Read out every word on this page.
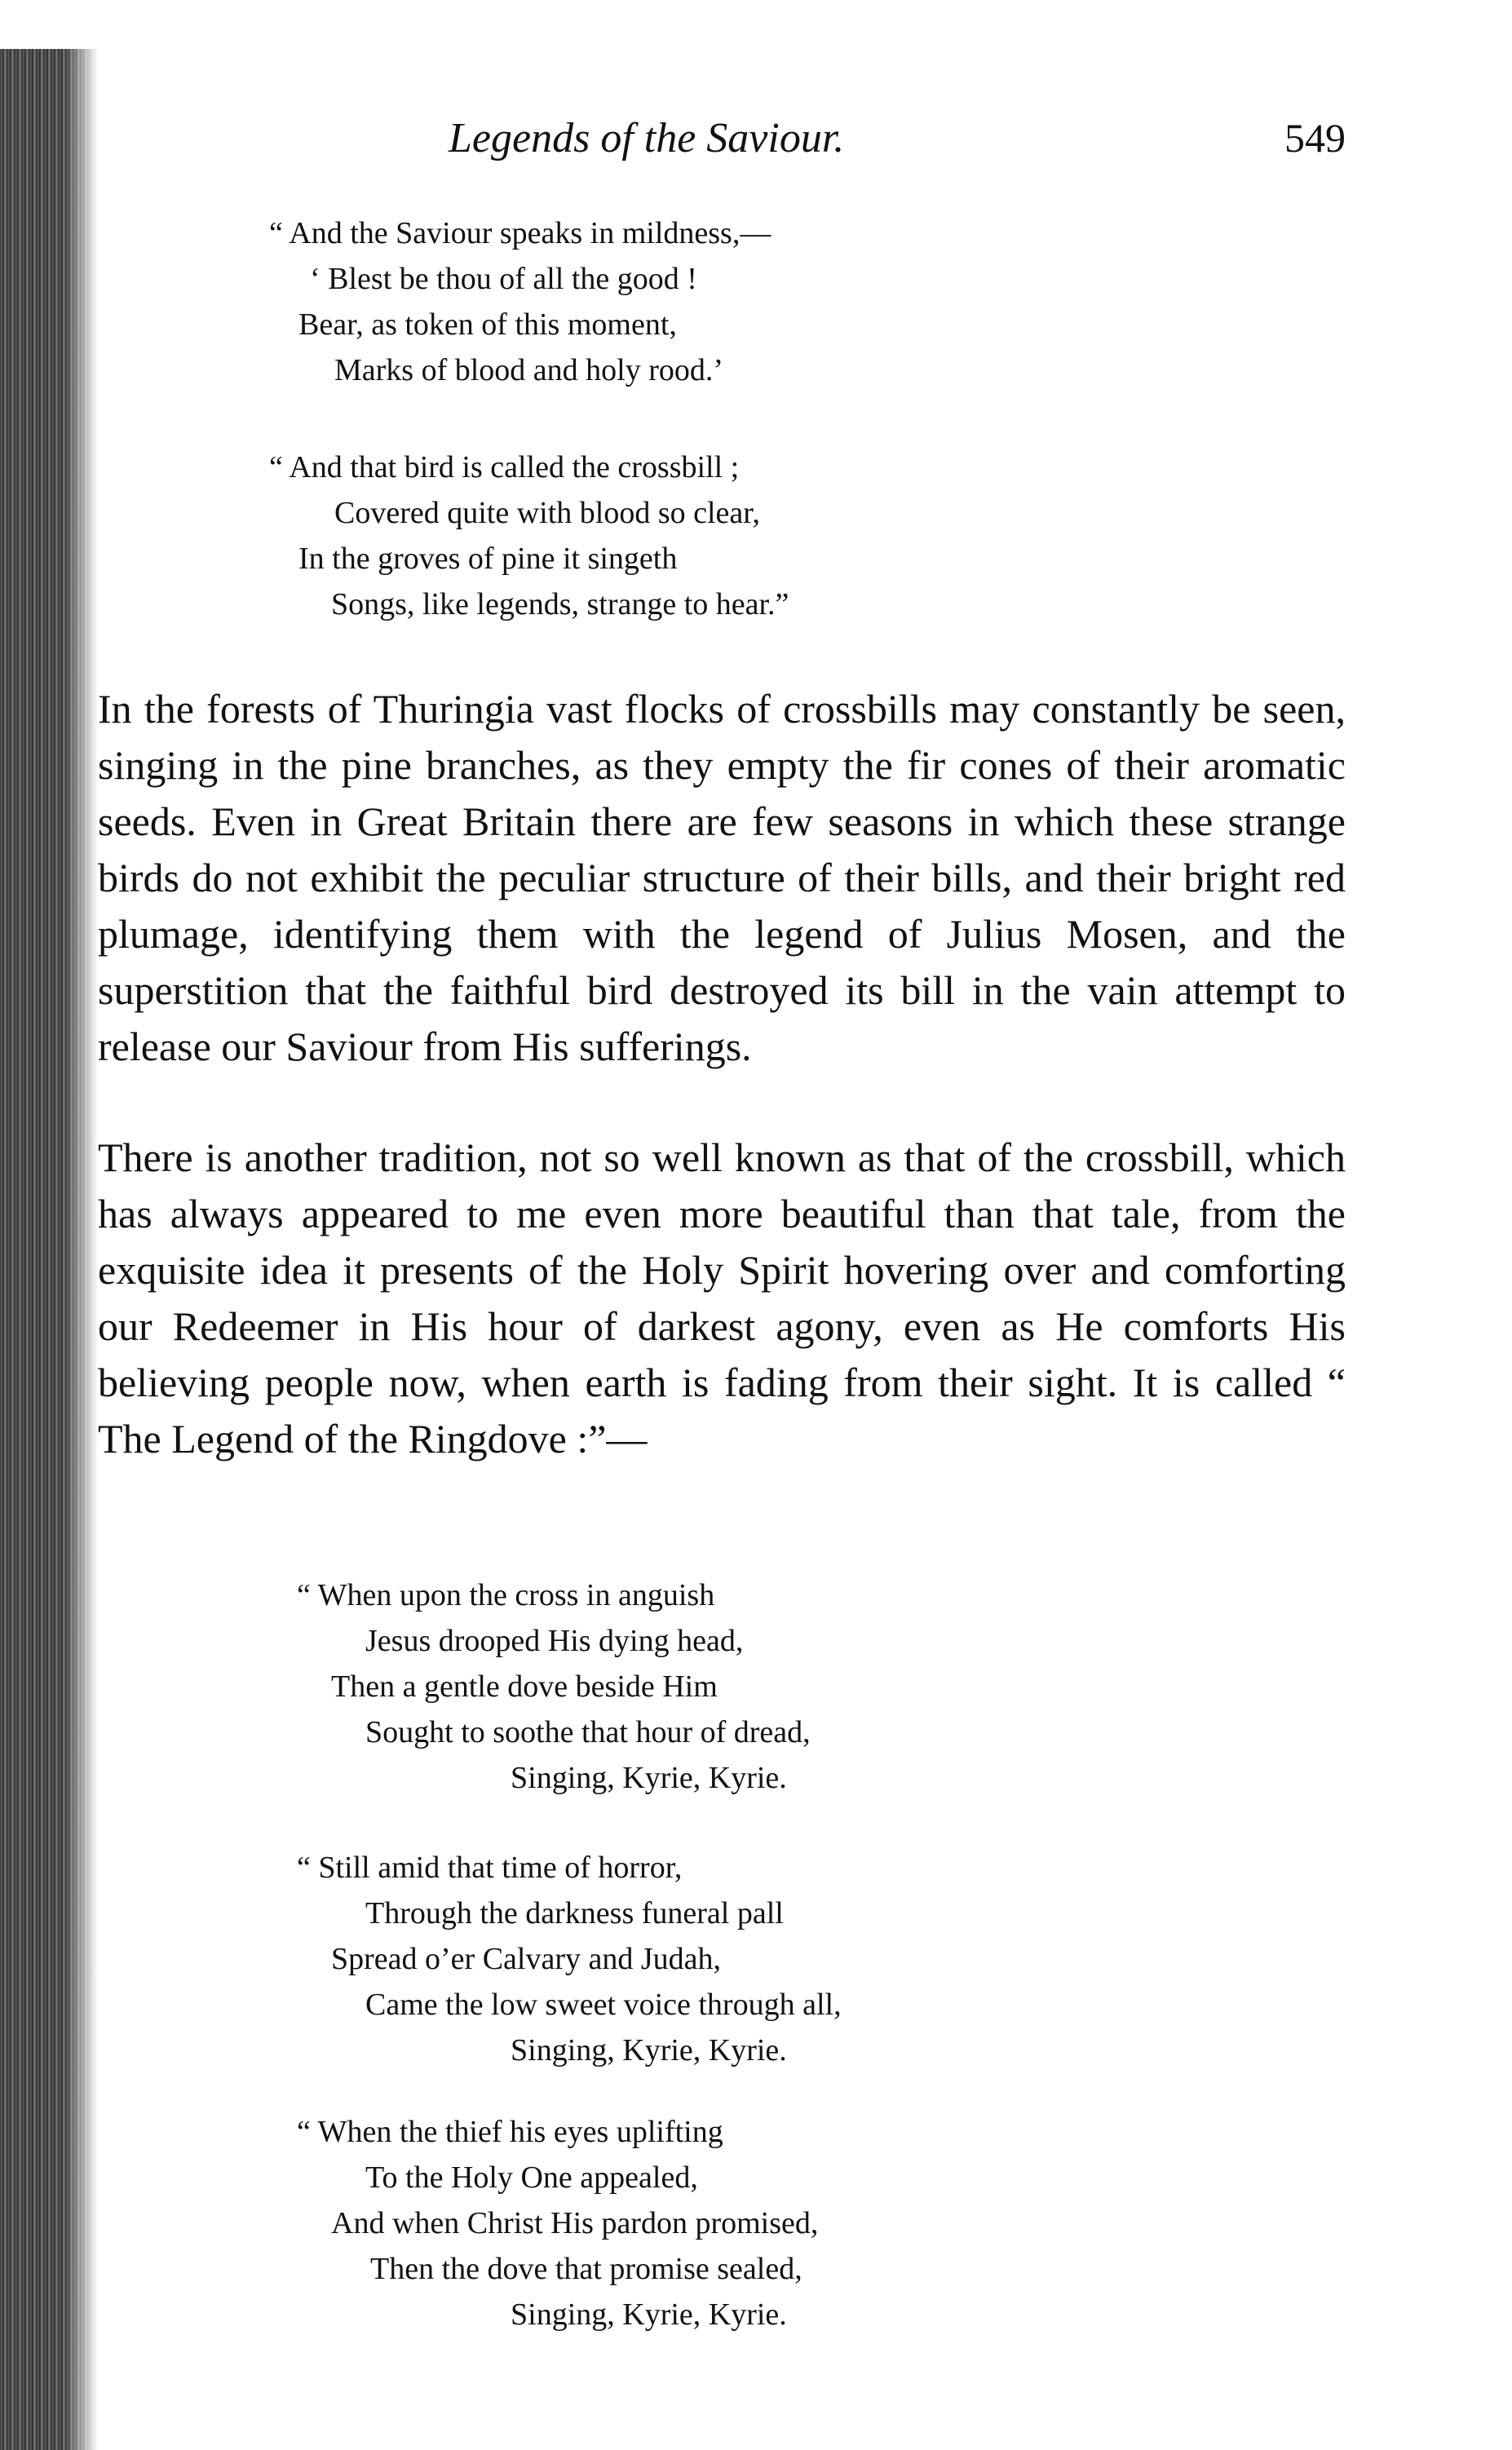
Legends of the Saviour.	549
“ And the Saviour speaks in mildness,—
‘ Blest be thou of all the good !
Bear, as token of this moment,
Marks of blood and holy rood.’
“ And that bird is called the crossbill ;
Covered quite with blood so clear,
In the groves of pine it singeth
Songs, like legends, strange to hear.”

In the forests of Thuringia vast flocks of crossbills may constantly be seen, singing in the pine branches, as they empty the fir cones of their aromatic seeds. Even in Great Britain there are few seasons in which these strange birds do not exhibit the peculiar structure of their bills, and their bright red plumage, identifying them with the legend of Julius Mosen, and the superstition that the faithful bird destroyed its bill in the vain attempt to release our Saviour from His sufferings.

There is another tradition, not so well known as that of the crossbill, which has always appeared to me even more beautiful than that tale, from the exquisite idea it presents of the Holy Spirit hovering over and comforting our Redeemer in His hour of darkest agony, even as He comforts His believing people now, when earth is fading from their sight. It is called “ The Legend of the Ringdove :”—

“ When upon the cross in anguish
Jesus drooped His dying head,
Then a gentle dove beside Him
Sought to soothe that hour of dread,
Singing, Kyrie, Kyrie.
“ Still amid that time of horror,
Through the darkness funeral pall
Spread o’er Calvary and Judah,
Came the low sweet voice through all,
Singing, Kyrie, Kyrie.
“ When the thief his eyes uplifting
To the Holy One appealed,
And when Christ His pardon promised,
Then the dove that promise sealed,
Singing, Kyrie, Kyrie.
